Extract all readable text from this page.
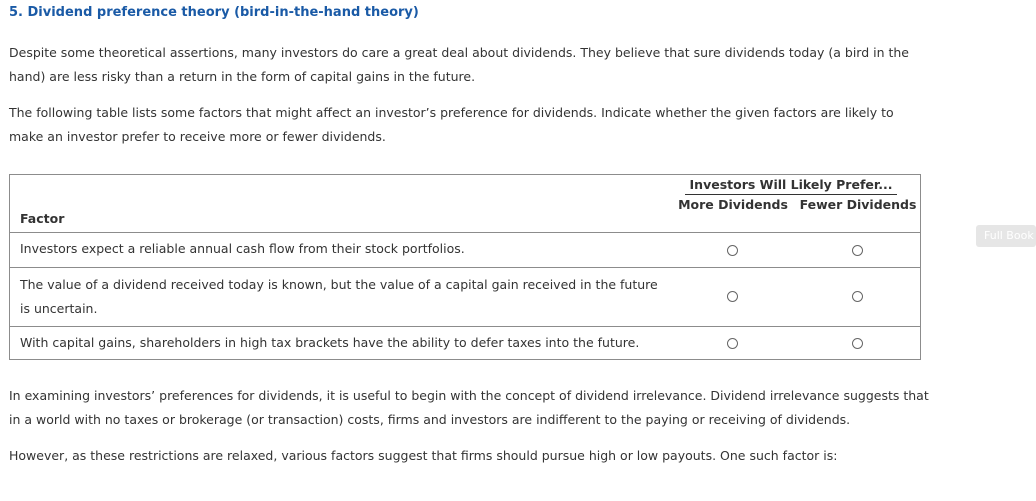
5. Dividend preference theory (bird-in-the-hand theory)
Despite some theoretical assertions, many investors do care a great deal about dividends. They believe that sure dividends today (a bird in the hand) are less risky than a return in the form of capital gains in the future.
The following table lists some factors that might affect an investor’s preference for dividends. Indicate whether the given factors are likely to make an investor prefer to receive more or fewer dividends.
Factor
Investors Will Likely Prefer...
More Dividends Fewer Dividends
Investors expect a reliable annual cash flow from their stock portfolios.
The value of a dividend received today is known, but the value of a capital gain received in the future is uncertain.
With capital gains, shareholders in high tax brackets have the ability to defer taxes into the future.
In examining investors’ preferences for dividends, it is useful to begin with the concept of dividend irrelevance. Dividend irrelevance suggests that in a world with no taxes or brokerage (or transaction) costs, firms and investors are indifferent to the paying or receiving of dividends.
However, as these restrictions are relaxed, various factors suggest that firms should pursue high or low payouts. One such factor is:
Full Book
